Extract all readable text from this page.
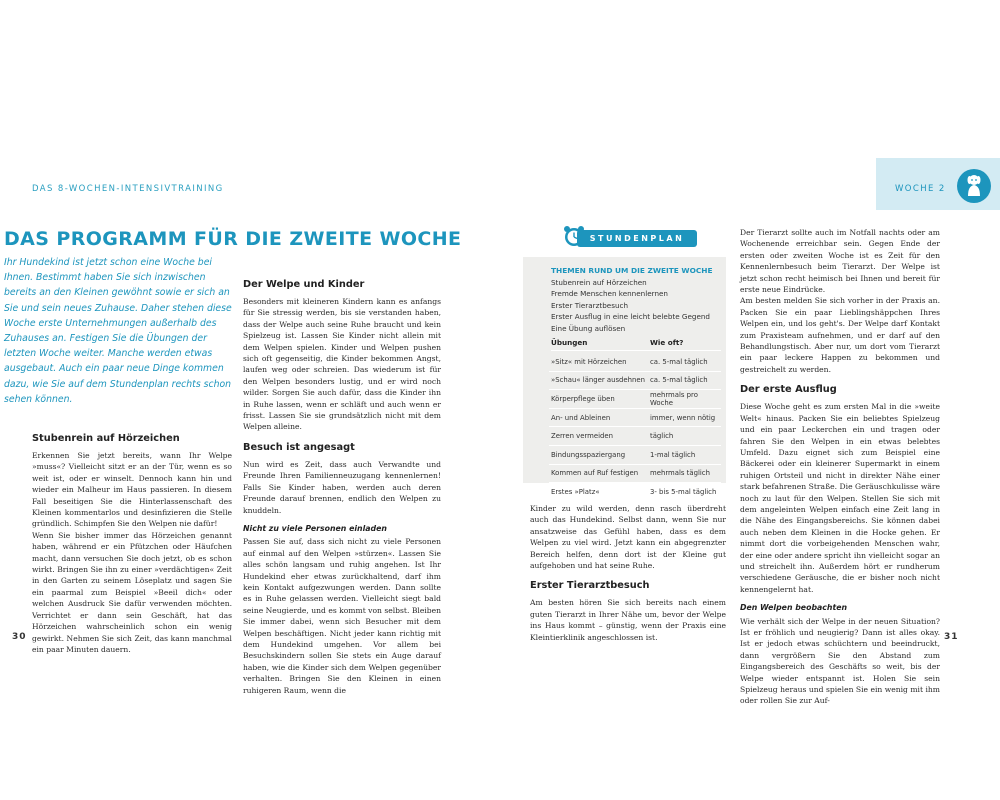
DAS 8-WOCHEN-INTENSIVTRAINING
DAS PROGRAMM FÜR DIE ZWEITE WOCHE
Ihr Hundekind ist jetzt schon eine Woche bei
Ihnen. Bestimmt haben Sie sich inzwischen
bereits an den Kleinen gewöhnt sowie er sich an
Sie und sein neues Zuhause. Daher stehen diese
Woche erste Unternehmungen außerhalb des
Zuhauses an. Festigen Sie die Übungen der
letzten Woche weiter. Manche werden etwas
ausgebaut. Auch ein paar neue Dinge kommen
dazu, wie Sie auf dem Stundenplan rechts schon
sehen können.
Stubenrein auf Hörzeichen

Erkennen Sie jetzt bereits, wann Ihr Welpe »muss«? Vielleicht sitzt er an der Tür, wenn es so weit ist, oder er winselt. Dennoch kann hin und wieder ein Malheur im Haus passieren. In diesem Fall beseitigen Sie die Hinterlassenschaft des Kleinen kommentarlos und desinfizieren die Stelle gründlich. Schimpfen Sie den Welpen nie dafür!

Wenn Sie bisher immer das Hörzeichen genannt haben, während er ein Pfützchen oder Häufchen macht, dann versuchen Sie doch jetzt, ob es schon wirkt. Bringen Sie ihn zu einer »verdächtigen« Zeit in den Garten zu seinem Löseplatz und sagen Sie ein paarmal zum Beispiel »Beeil dich« oder welchen Ausdruck Sie dafür verwenden möchten. Verrichtet er dann sein Geschäft, hat das Hörzeichen wahrscheinlich schon ein wenig gewirkt. Nehmen Sie sich Zeit, das kann manchmal ein paar Minuten dauern.

Der Welpe und Kinder

Besonders mit kleineren Kindern kann es anfangs für Sie stressig werden, bis sie verstanden haben, dass der Welpe auch seine Ruhe braucht und kein Spielzeug ist. Lassen Sie Kinder nicht allein mit dem Welpen spielen. Kinder und Welpen pushen sich oft gegenseitig, die Kinder bekommen Angst, laufen weg oder schreien. Das wiederum ist für den Welpen besonders lustig, und er wird noch wilder. Sorgen Sie auch dafür, dass die Kinder ihn in Ruhe lassen, wenn er schläft und auch wenn er frisst. Lassen Sie sie grundsätzlich nicht mit dem Welpen alleine.

Besuch ist angesagt

Nun wird es Zeit, dass auch Verwandte und Freunde Ihren Familienneuzugang kennenlernen! Falls Sie Kinder haben, werden auch deren Freunde darauf brennen, endlich den Welpen zu knuddeln.

Nicht zu viele Personen einladen

Passen Sie auf, dass sich nicht zu viele Personen auf einmal auf den Welpen »stürzen«. Lassen Sie alles schön langsam und ruhig angehen. Ist Ihr Hundekind eher etwas zurückhaltend, darf ihm kein Kontakt aufgezwungen werden. Dann sollte es in Ruhe gelassen werden. Vielleicht siegt bald seine Neugierde, und es kommt von selbst. Bleiben Sie immer dabei, wenn sich Besucher mit dem Welpen beschäftigen. Nicht jeder kann richtig mit dem Hundekind umgehen. Vor allem bei Besuchskindern sollen Sie stets ein Auge darauf haben, wie die Kinder sich dem Welpen gegenüber verhalten. Bringen Sie den Kleinen in einen ruhigeren Raum, wenn die

30
WOCHE 2
STUNDENPLAN
THEMEN RUND UM DIE ZWEITE WOCHE
Stubenrein auf Hörzeichen
Fremde Menschen kennenlernen
Erster Tierarztbesuch
Erster Ausflug in eine leicht belebte Gegend
Eine Übung auflösen
Übungen	Wie oft?
»Sitz« mit Hörzeichen	ca. 5-mal täglich
»Schau« länger ausdehnen ca. 5-mal täglich
Körperpflege üben	mehrmals pro Woche
An- und Ableinen	immer, wenn nötig
Zerren vermeiden	täglich
Bindungsspaziergang	1-mal täglich
Kommen auf Ruf festigen	mehrmals täglich
Erstes »Platz«	3- bis 5-mal täglich

Kinder zu wild werden, denn rasch überdreht auch das Hundekind. Selbst dann, wenn Sie nur ansatzweise das Gefühl haben, dass es dem Welpen zu viel wird. Jetzt kann ein abgegrenzter Bereich helfen, denn dort ist der Kleine gut aufgehoben und hat seine Ruhe.

Erster Tierarztbesuch

Am besten hören Sie sich bereits nach einem guten Tierarzt in Ihrer Nähe um, bevor der Welpe ins Haus kommt – günstig, wenn der Praxis eine Kleintierklinik angeschlossen ist.

Der Tierarzt sollte auch im Notfall nachts oder am Wochenende erreichbar sein. Gegen Ende der ersten oder zweiten Woche ist es Zeit für den Kennenlernbesuch beim Tierarzt. Der Welpe ist jetzt schon recht heimisch bei Ihnen und bereit für erste neue Eindrücke.

Am besten melden Sie sich vorher in der Praxis an. Packen Sie ein paar Lieblingshäppchen Ihres Welpen ein, und los geht's. Der Welpe darf Kontakt zum Praxisteam aufnehmen, und er darf auf den Behandlungstisch. Aber nur, um dort vom Tierarzt ein paar leckere Happen zu bekommen und gestreichelt zu werden.

Der erste Ausflug

Diese Woche geht es zum ersten Mal in die »weite Welt« hinaus. Packen Sie ein beliebtes Spielzeug und ein paar Leckerchen ein und tragen oder fahren Sie den Welpen in ein etwas belebtes Umfeld. Dazu eignet sich zum Beispiel eine Bäckerei oder ein kleinerer Supermarkt in einem ruhigen Ortsteil und nicht in direkter Nähe einer stark befahrenen Straße. Die Geräuschkulisse wäre noch zu laut für den Welpen. Stellen Sie sich mit dem angeleinten Welpen einfach eine Zeit lang in die Nähe des Eingangsbereichs. Sie können dabei auch neben dem Kleinen in die Hocke gehen. Er nimmt dort die vorbeigehenden Menschen wahr, der eine oder andere spricht ihn vielleicht sogar an und streichelt ihn. Außerdem hört er rundherum verschiedene Geräusche, die er bisher noch nicht kennengelernt hat.

Den Welpen beobachten

Wie verhält sich der Welpe in der neuen Situation? Ist er fröhlich und neugierig? Dann ist alles okay. Ist er jedoch etwas schüchtern und beeindruckt, dann vergrößern Sie den Abstand zum Eingangsbereich des Geschäfts so weit, bis der Welpe wieder entspannt ist. Holen Sie sein Spielzeug heraus und spielen Sie ein wenig mit ihm oder rollen Sie zur Auf-

31
